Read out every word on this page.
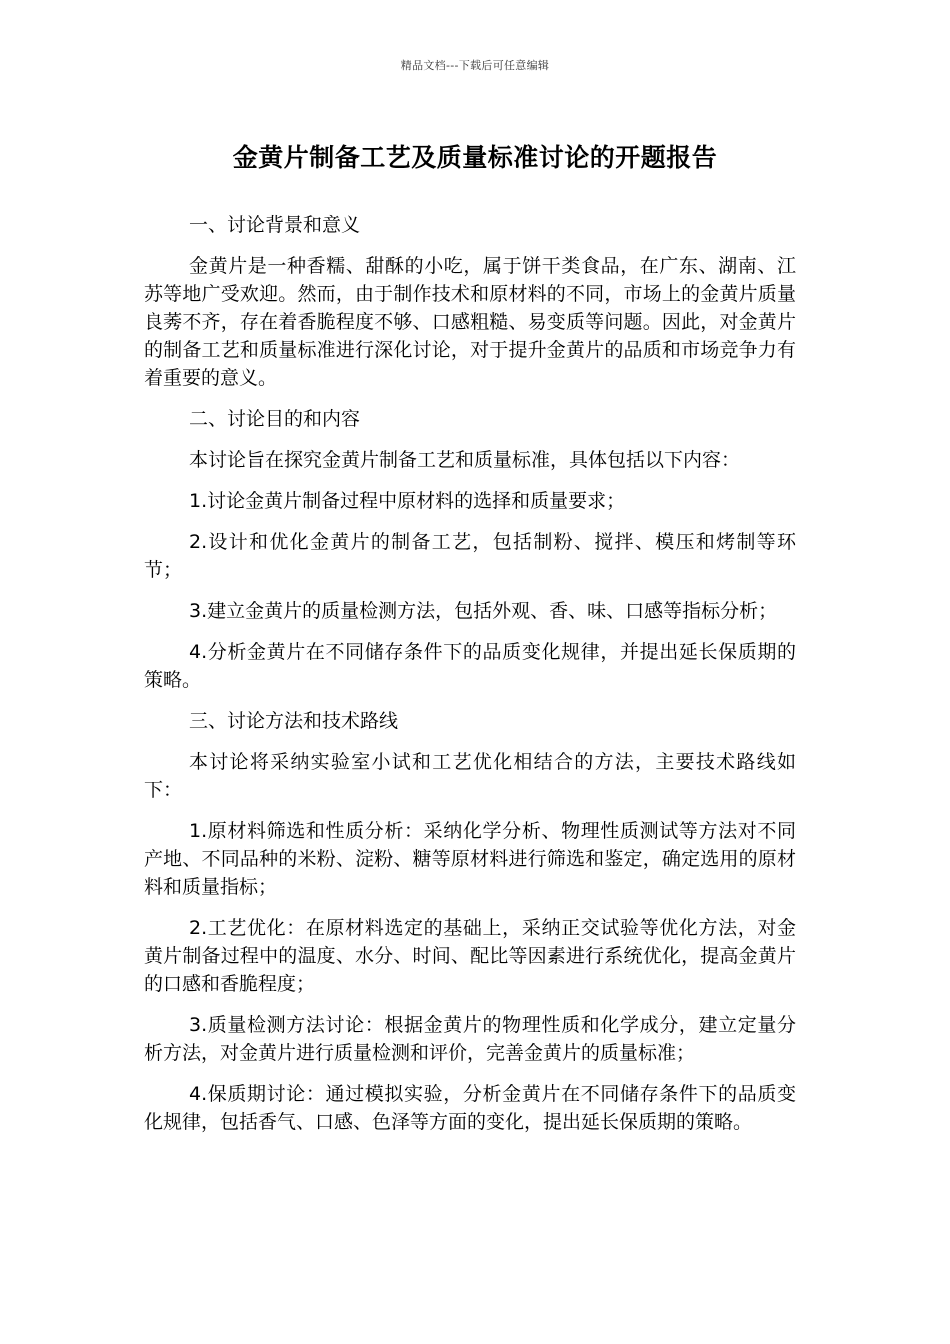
精品文档---下载后可任意编辑
金黄片制备工艺及质量标准讨论的开题报告

一、讨论背景和意义

金黄片是一种香糯、甜酥的小吃，属于饼干类食品，在广东、湖南、江苏等地广受欢迎。然而，由于制作技术和原材料的不同，市场上的金黄片质量良莠不齐，存在着香脆程度不够、口感粗糙、易变质等问题。因此，对金黄片的制备工艺和质量标准进行深化讨论，对于提升金黄片的品质和市场竞争力有着重要的意义。

二、讨论目的和内容

本讨论旨在探究金黄片制备工艺和质量标准，具体包括以下内容：

1.讨论金黄片制备过程中原材料的选择和质量要求；

2.设计和优化金黄片的制备工艺，包括制粉、搅拌、模压和烤制等环节；

3.建立金黄片的质量检测方法，包括外观、香、味、口感等指标分析；

4.分析金黄片在不同储存条件下的品质变化规律，并提出延长保质期的策略。

三、讨论方法和技术路线

本讨论将采纳实验室小试和工艺优化相结合的方法，主要技术路线如下：

1.原材料筛选和性质分析：采纳化学分析、物理性质测试等方法对不同产地、不同品种的米粉、淀粉、糖等原材料进行筛选和鉴定，确定选用的原材料和质量指标；

2.工艺优化：在原材料选定的基础上，采纳正交试验等优化方法，对金黄片制备过程中的温度、水分、时间、配比等因素进行系统优化，提高金黄片的口感和香脆程度；

3.质量检测方法讨论：根据金黄片的物理性质和化学成分，建立定量分析方法，对金黄片进行质量检测和评价，完善金黄片的质量标准；

4.保质期讨论：通过模拟实验，分析金黄片在不同储存条件下的品质变化规律，包括香气、口感、色泽等方面的变化，提出延长保质期的策略。
